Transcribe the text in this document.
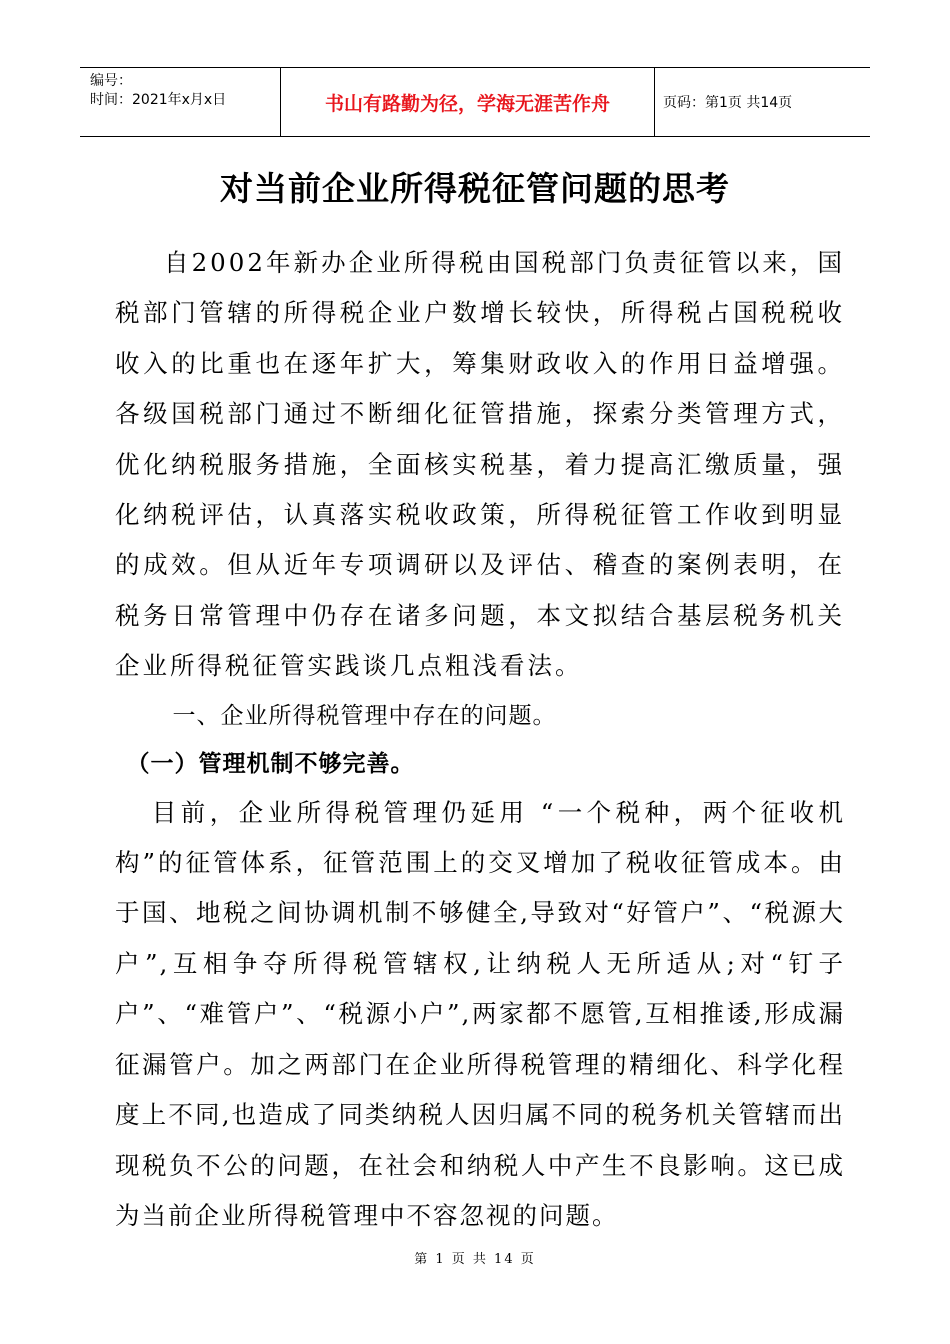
编号：
时间：2021年x月x日	书山有路勤为径，学海无涯苦作舟	页码：第1页 共14页
对当前企业所得税征管问题的思考

自2002年新办企业所得税由国税部门负责征管以来，国税部门管辖的所得税企业户数增长较快，所得税占国税税收收入的比重也在逐年扩大，筹集财政收入的作用日益增强。各级国税部门通过不断细化征管措施，探索分类管理方式，优化纳税服务措施，全面核实税基，着力提高汇缴质量，强化纳税评估，认真落实税收政策，所得税征管工作收到明显的成效。但从近年专项调研以及评估、稽查的案例表明，在税务日常管理中仍存在诸多问题，本文拟结合基层税务机关企业所得税征管实践谈几点粗浅看法。

一、企业所得税管理中存在的问题。

（一）管理机制不够完善。

目前，企业所得税管理仍延用 “一个税种，两个征收机构”的征管体系，征管范围上的交叉增加了税收征管成本。由于国、地税之间协调机制不够健全,导致对“好管户”、“税源大户”,互相争夺所得税管辖权,让纳税人无所适从;对“钉子户”、“难管户”、“税源小户”,两家都不愿管,互相推诿,形成漏征漏管户。加之两部门在企业所得税管理的精细化、科学化程度上不同,也造成了同类纳税人因归属不同的税务机关管辖而出现税负不公的问题，在社会和纳税人中产生不良影响。这已成为当前企业所得税管理中不容忽视的问题。

第 1 页 共 14 页
